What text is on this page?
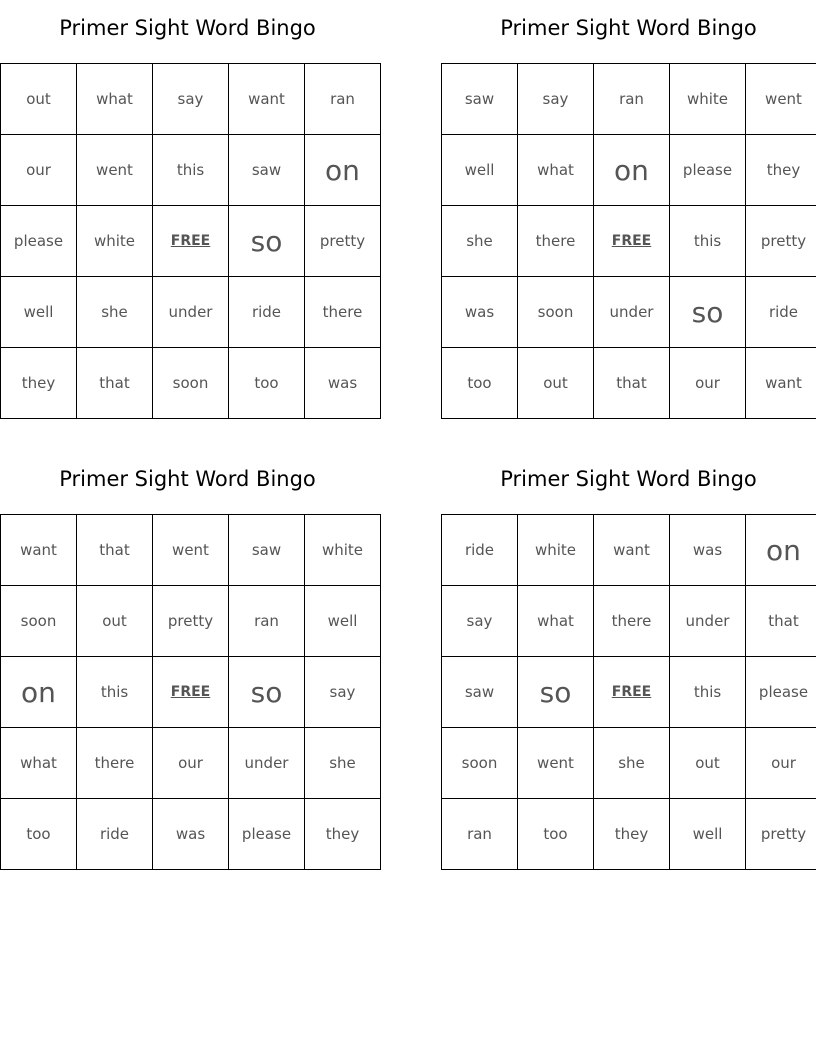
Primer Sight Word Bingo
out	what	say	want	ran
our	went	this	saw	on
please	white	FREE	so	pretty
well	she	under	ride	there
they	that	soon	too	was
Primer Sight Word Bingo
saw	say	ran	white	went
well	what	on	please	they
she	there	FREE	this	pretty
was	soon	under	so	ride
too	out	that	our	want
Primer Sight Word Bingo
want	that	went	saw	white
soon	out	pretty	ran	well
on	this	FREE	so	say
what	there	our	under	she
too	ride	was	please	they
Primer Sight Word Bingo
ride	white	want	was	on
say	what	there	under	that
saw	so	FREE	this	please
soon	went	she	out	our
ran	too	they	well	pretty
